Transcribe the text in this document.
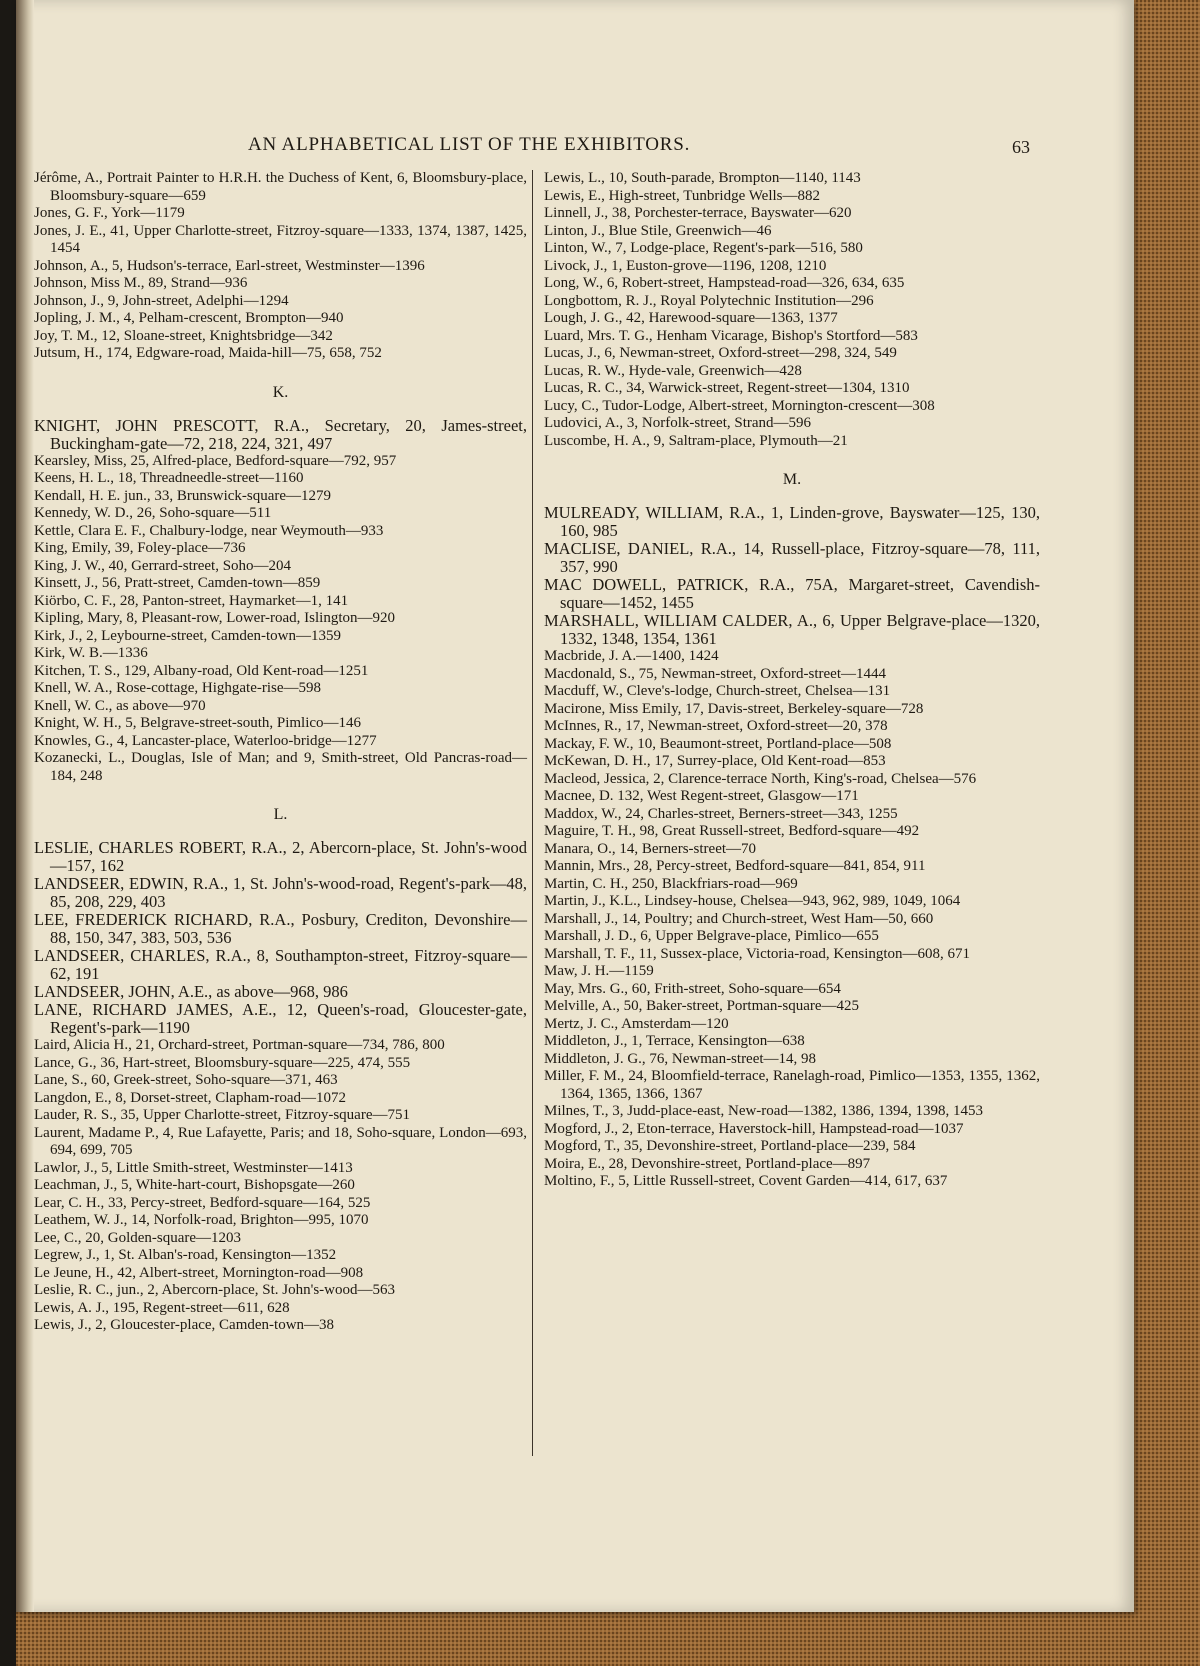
AN ALPHABETICAL LIST OF THE EXHIBITORS.	63

Jérôme, A., Portrait Painter to H.R.H. the Duchess of Kent, 6, Bloomsbury-place, Bloomsbury-square—659

Jones, G. F., York—1179

Jones, J. E., 41, Upper Charlotte-street, Fitzroy-square—1333, 1374, 1387, 1425, 1454

Johnson, A., 5, Hudson's-terrace, Earl-street, Westminster—1396

Johnson, Miss M., 89, Strand—936

Johnson, J., 9, John-street, Adelphi—1294

Jopling, J. M., 4, Pelham-crescent, Brompton—940

Joy, T. M., 12, Sloane-street, Knightsbridge—342

Jutsum, H., 174, Edgware-road, Maida-hill—75, 658, 752

K.

KNIGHT, JOHN PRESCOTT, R.A., Secretary, 20, James-street, Buckingham-gate—72, 218, 224, 321, 497

Kearsley, Miss, 25, Alfred-place, Bedford-square—792, 957

Keens, H. L., 18, Threadneedle-street—1160

Kendall, H. E. jun., 33, Brunswick-square—1279

Kennedy, W. D., 26, Soho-square—511

Kettle, Clara E. F., Chalbury-lodge, near Weymouth—933

King, Emily, 39, Foley-place—736

King, J. W., 40, Gerrard-street, Soho—204

Kinsett, J., 56, Pratt-street, Camden-town—859

Kiörbo, C. F., 28, Panton-street, Haymarket—1, 141

Kipling, Mary, 8, Pleasant-row, Lower-road, Islington—920

Kirk, J., 2, Leybourne-street, Camden-town—1359

Kirk, W. B.—1336

Kitchen, T. S., 129, Albany-road, Old Kent-road—1251

Knell, W. A., Rose-cottage, Highgate-rise—598

Knell, W. C., as above—970

Knight, W. H., 5, Belgrave-street-south, Pimlico—146

Knowles, G., 4, Lancaster-place, Waterloo-bridge—1277

Kozanecki, L., Douglas, Isle of Man; and 9, Smith-street, Old Pancras-road—184, 248

L.

LESLIE, CHARLES ROBERT, R.A., 2, Abercorn-place, St. John's-wood—157, 162

LANDSEER, EDWIN, R.A., 1, St. John's-wood-road, Regent's-park—48, 85, 208, 229, 403

LEE, FREDERICK RICHARD, R.A., Posbury, Crediton, Devonshire—88, 150, 347, 383, 503, 536

LANDSEER, CHARLES, R.A., 8, Southampton-street, Fitzroy-square—62, 191

LANDSEER, JOHN, A.E., as above—968, 986

LANE, RICHARD JAMES, A.E., 12, Queen's-road, Gloucester-gate, Regent's-park—1190

Laird, Alicia H., 21, Orchard-street, Portman-square—734, 786, 800

Lance, G., 36, Hart-street, Bloomsbury-square—225, 474, 555

Lane, S., 60, Greek-street, Soho-square—371, 463

Langdon, E., 8, Dorset-street, Clapham-road—1072

Lauder, R. S., 35, Upper Charlotte-street, Fitzroy-square—751

Laurent, Madame P., 4, Rue Lafayette, Paris; and 18, Soho-square, London—693, 694, 699, 705

Lawlor, J., 5, Little Smith-street, Westminster—1413

Leachman, J., 5, White-hart-court, Bishopsgate—260

Lear, C. H., 33, Percy-street, Bedford-square—164, 525

Leathem, W. J., 14, Norfolk-road, Brighton—995, 1070

Lee, C., 20, Golden-square—1203

Legrew, J., 1, St. Alban's-road, Kensington—1352

Le Jeune, H., 42, Albert-street, Mornington-road—908

Leslie, R. C., jun., 2, Abercorn-place, St. John's-wood—563

Lewis, A. J., 195, Regent-street—611, 628

Lewis, J., 2, Gloucester-place, Camden-town—38

Lewis, L., 10, South-parade, Brompton—1140, 1143

Lewis, E., High-street, Tunbridge Wells—882

Linnell, J., 38, Porchester-terrace, Bayswater—620

Linton, J., Blue Stile, Greenwich—46

Linton, W., 7, Lodge-place, Regent's-park—516, 580

Livock, J., 1, Euston-grove—1196, 1208, 1210

Long, W., 6, Robert-street, Hampstead-road—326, 634, 635

Longbottom, R. J., Royal Polytechnic Institution—296

Lough, J. G., 42, Harewood-square—1363, 1377

Luard, Mrs. T. G., Henham Vicarage, Bishop's Stortford—583

Lucas, J., 6, Newman-street, Oxford-street—298, 324, 549

Lucas, R. W., Hyde-vale, Greenwich—428

Lucas, R. C., 34, Warwick-street, Regent-street—1304, 1310

Lucy, C., Tudor-Lodge, Albert-street, Mornington-crescent—308

Ludovici, A., 3, Norfolk-street, Strand—596

Luscombe, H. A., 9, Saltram-place, Plymouth—21

M.

MULREADY, WILLIAM, R.A., 1, Linden-grove, Bayswater—125, 130, 160, 985

MACLISE, DANIEL, R.A., 14, Russell-place, Fitzroy-square—78, 111, 357, 990

MAC DOWELL, PATRICK, R.A., 75A, Margaret-street, Cavendish-square—1452, 1455

MARSHALL, WILLIAM CALDER, A., 6, Upper Belgrave-place—1320, 1332, 1348, 1354, 1361

Macbride, J. A.—1400, 1424

Macdonald, S., 75, Newman-street, Oxford-street—1444

Macduff, W., Cleve's-lodge, Church-street, Chelsea—131

Macirone, Miss Emily, 17, Davis-street, Berkeley-square—728

McInnes, R., 17, Newman-street, Oxford-street—20, 378

Mackay, F. W., 10, Beaumont-street, Portland-place—508

McKewan, D. H., 17, Surrey-place, Old Kent-road—853

Macleod, Jessica, 2, Clarence-terrace North, King's-road, Chelsea—576

Macnee, D. 132, West Regent-street, Glasgow—171

Maddox, W., 24, Charles-street, Berners-street—343, 1255

Maguire, T. H., 98, Great Russell-street, Bedford-square—492

Manara, O., 14, Berners-street—70

Mannin, Mrs., 28, Percy-street, Bedford-square—841, 854, 911

Martin, C. H., 250, Blackfriars-road—969

Martin, J., K.L., Lindsey-house, Chelsea—943, 962, 989, 1049, 1064

Marshall, J., 14, Poultry; and Church-street, West Ham—50, 660

Marshall, J. D., 6, Upper Belgrave-place, Pimlico—655

Marshall, T. F., 11, Sussex-place, Victoria-road, Kensington—608, 671

Maw, J. H.—1159

May, Mrs. G., 60, Frith-street, Soho-square—654

Melville, A., 50, Baker-street, Portman-square—425

Mertz, J. C., Amsterdam—120

Middleton, J., 1, Terrace, Kensington—638

Middleton, J. G., 76, Newman-street—14, 98

Miller, F. M., 24, Bloomfield-terrace, Ranelagh-road, Pimlico—1353, 1355, 1362, 1364, 1365, 1366, 1367

Milnes, T., 3, Judd-place-east, New-road—1382, 1386, 1394, 1398, 1453

Mogford, J., 2, Eton-terrace, Haverstock-hill, Hampstead-road—1037

Mogford, T., 35, Devonshire-street, Portland-place—239, 584

Moira, E., 28, Devonshire-street, Portland-place—897

Moltino, F., 5, Little Russell-street, Covent Garden—414, 617, 637
